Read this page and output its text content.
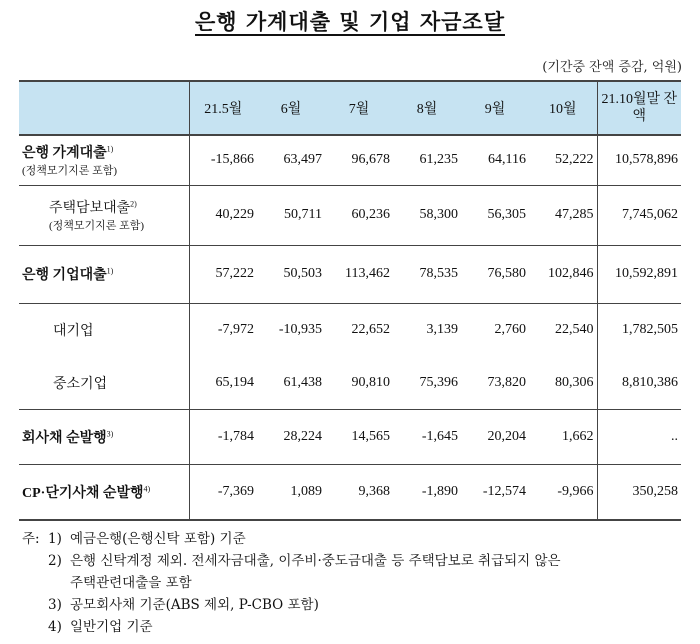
은행 가계대출 및 기업 자금조달
(기간중 잔액 증감, 억원)
	21.5월	6월	7월	8월	9월	10월	21.10월말 잔액
은행 가계대출$^{1)}$
(정책모기지론 포함)	-15,866	63,497	96,678	61,235	64,116	52,222	10,578,896
주택담보대출$^{2)}$
(정책모기지론 포함)	40,229	50,711	60,236	58,300	56,305	47,285	7,745,062
은행 기업대출$^{1)}$	57,222	50,503	113,462	78,535	76,580	102,846	10,592,891
대기업	-7,972	-10,935	22,652	3,139	2,760	22,540	1,782,505
중소기업	65,194	61,438	90,810	75,396	73,820	80,306	8,810,386
회사채 순발행$^{3)}$	-1,784	28,224	14,565	-1,645	20,204	1,662	..
CP·단기사채 순발행$^{4)}$	-7,369	1,089	9,368	-1,890	-12,574	-9,966	350,258
주: 1) 예금은행(은행신탁 포함) 기준
2) 은행 신탁계정 제외. 전세자금대출, 이주비·중도금대출 등 주택담보로 취급되지 않은
주택관련대출을 포함
3) 공모회사채 기준(ABS 제외, P-CBO 포함)
4) 일반기업 기준
